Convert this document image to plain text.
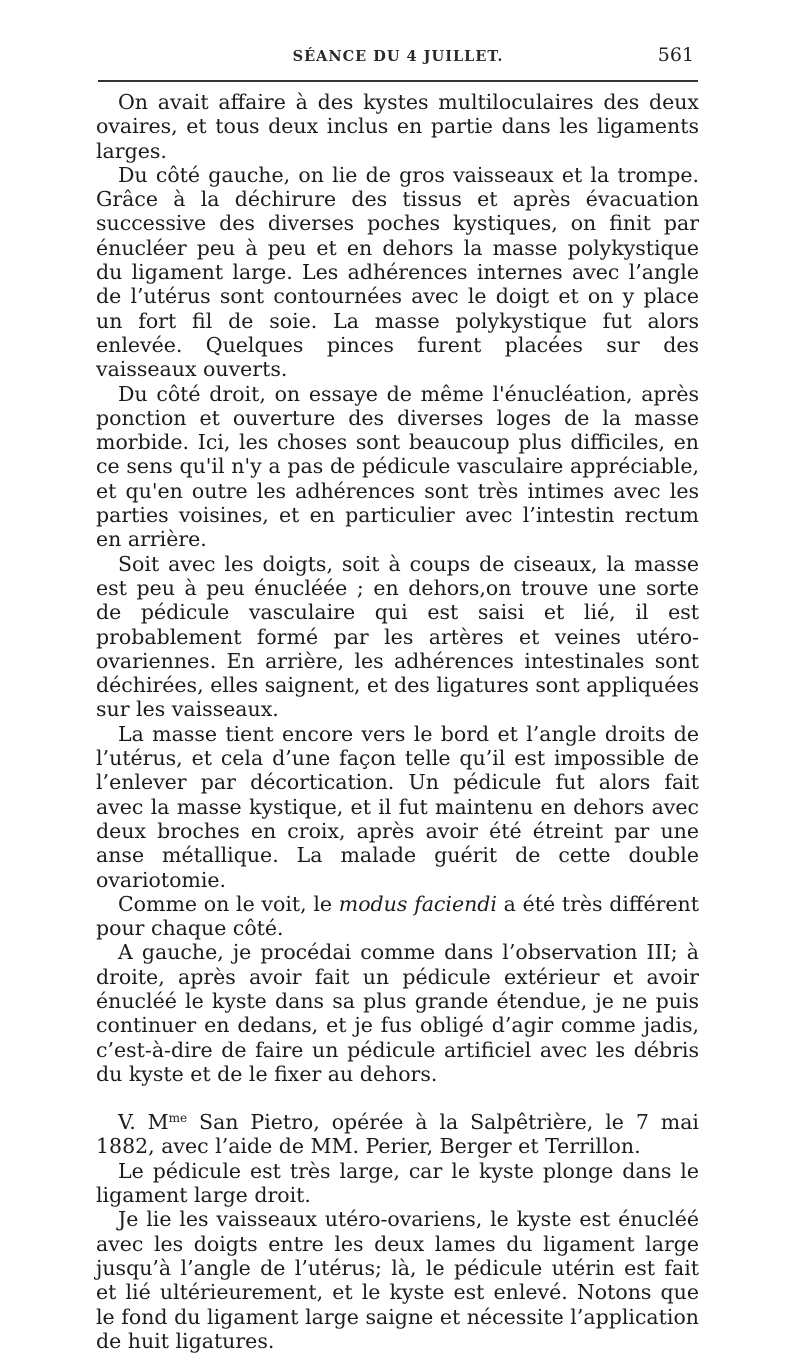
SÉANCE DU 4 JUILLET.	561

On avait affaire à des kystes multiloculaires des deux ovaires, et tous deux inclus en partie dans les ligaments larges.

Du côté gauche, on lie de gros vaisseaux et la trompe. Grâce à la déchirure des tissus et après évacuation successive des diverses poches kystiques, on finit par énucléer peu à peu et en dehors la masse polykystique du ligament large. Les adhérences internes avec l’angle de l’utérus sont contournées avec le doigt et on y place un fort fil de soie. La masse polykystique fut alors enlevée. Quelques pinces furent placées sur des vaisseaux ouverts.

Du côté droit, on essaye de même l'énucléation, après ponction et ouverture des diverses loges de la masse morbide. Ici, les choses sont beaucoup plus difficiles, en ce sens qu'il n'y a pas de pédicule vasculaire appréciable, et qu'en outre les adhérences sont très intimes avec les parties voisines, et en particulier avec l’intestin rectum en arrière.

Soit avec les doigts, soit à coups de ciseaux, la masse est peu à peu énucléée ; en dehors,on trouve une sorte de pédicule vasculaire qui est saisi et lié, il est probablement formé par les artères et veines utéro-ovariennes. En arrière, les adhérences intestinales sont déchirées, elles saignent, et des ligatures sont appliquées sur les vaisseaux.

La masse tient encore vers le bord et l’angle droits de l’utérus, et cela d’une façon telle qu’il est impossible de l’enlever par décortication. Un pédicule fut alors fait avec la masse kystique, et il fut maintenu en dehors avec deux broches en croix, après avoir été étreint par une anse métallique. La malade guérit de cette double ovariotomie.

Comme on le voit, le modus faciendi a été très différent pour chaque côté.

A gauche, je procédai comme dans l’observation III; à droite, après avoir fait un pédicule extérieur et avoir énucléé le kyste dans sa plus grande étendue, je ne puis continuer en dedans, et je fus obligé d’agir comme jadis, c’est-à-dire de faire un pédicule artificiel avec les débris du kyste et de le fixer au dehors.

V. $M^{me}$ San Pietro, opérée à la Salpêtrière, le 7 mai 1882, avec l’aide de MM. Perier, Berger et Terrillon.

Le pédicule est très large, car le kyste plonge dans le ligament large droit.

Je lie les vaisseaux utéro-ovariens, le kyste est énucléé avec les doigts entre les deux lames du ligament large jusqu’à l’angle de l’utérus; là, le pédicule utérin est fait et lié ultérieurement, et le kyste est enlevé. Notons que le fond du ligament large saigne et nécessite l’application de huit ligatures.
